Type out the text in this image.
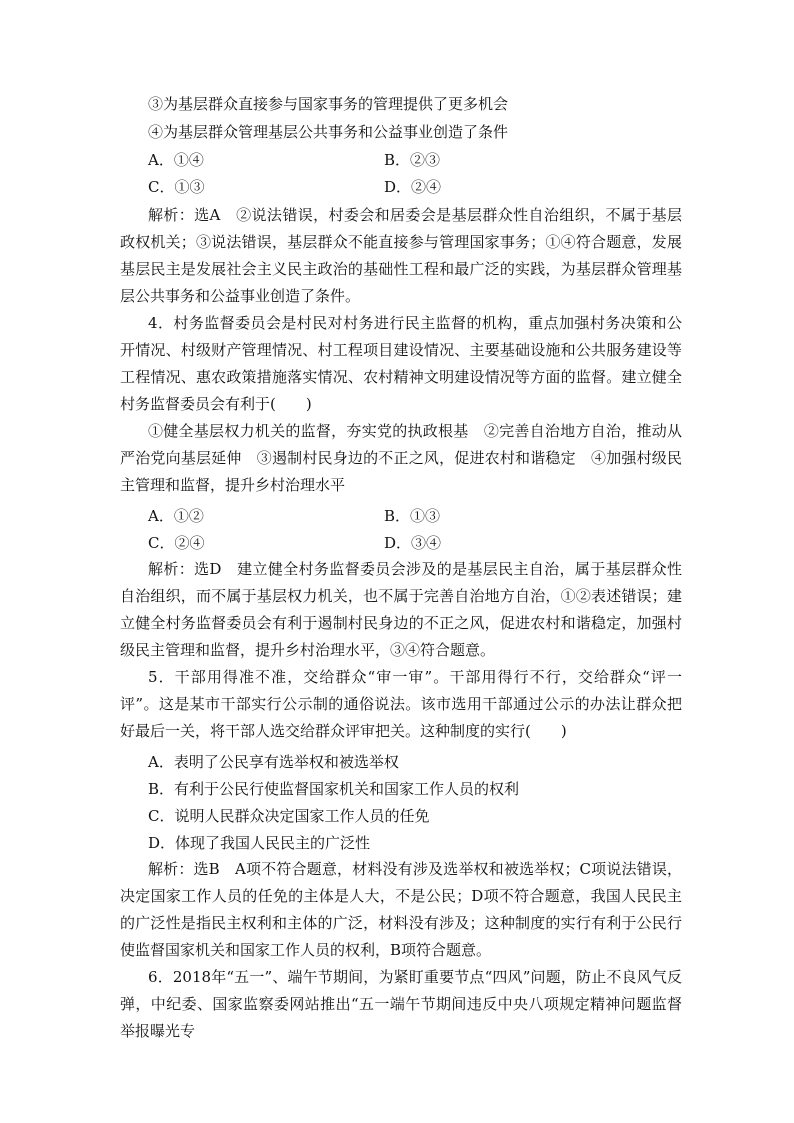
③为基层群众直接参与国家事务的管理提供了更多机会
④为基层群众管理基层公共事务和公益事业创造了条件
A．①④	B．②③
C．①③	D．②④
解析：选A　②说法错误，村委会和居委会是基层群众性自治组织，不属于基层政权机关；③说法错误，基层群众不能直接参与管理国家事务；①④符合题意，发展基层民主是发展社会主义民主政治的基础性工程和最广泛的实践，为基层群众管理基层公共事务和公益事业创造了条件。
4．村务监督委员会是村民对村务进行民主监督的机构，重点加强村务决策和公开情况、村级财产管理情况、村工程项目建设情况、主要基础设施和公共服务建设等工程情况、惠农政策措施落实情况、农村精神文明建设情况等方面的监督。建立健全村务监督委员会有利于(　　)
①健全基层权力机关的监督，夯实党的执政根基　②完善自治地方自治，推动从严治党向基层延伸　③遏制村民身边的不正之风，促进农村和谐稳定　④加强村级民主管理和监督，提升乡村治理水平
A．①②	B．①③
C．②④	D．③④
解析：选D　建立健全村务监督委员会涉及的是基层民主自治，属于基层群众性自治组织，而不属于基层权力机关，也不属于完善自治地方自治，①②表述错误；建立健全村务监督委员会有利于遏制村民身边的不正之风，促进农村和谐稳定，加强村级民主管理和监督，提升乡村治理水平，③④符合题意。
5．干部用得准不准，交给群众“审一审”。干部用得行不行，交给群众“评一评”。这是某市干部实行公示制的通俗说法。该市选用干部通过公示的办法让群众把好最后一关，将干部人选交给群众评审把关。这种制度的实行(　　)
A．表明了公民享有选举权和被选举权
B．有利于公民行使监督国家机关和国家工作人员的权利
C．说明人民群众决定国家工作人员的任免
D．体现了我国人民民主的广泛性
解析：选B　A项不符合题意，材料没有涉及选举权和被选举权；C项说法错误，决定国家工作人员的任免的主体是人大，不是公民；D项不符合题意，我国人民民主的广泛性是指民主权利和主体的广泛，材料没有涉及；这种制度的实行有利于公民行使监督国家机关和国家工作人员的权利，B项符合题意。
6．2018年“五一”、端午节期间，为紧盯重要节点“四风”问题，防止不良风气反弹，中纪委、国家监察委网站推出“五一端午节期间违反中央八项规定精神问题监督举报曝光专
